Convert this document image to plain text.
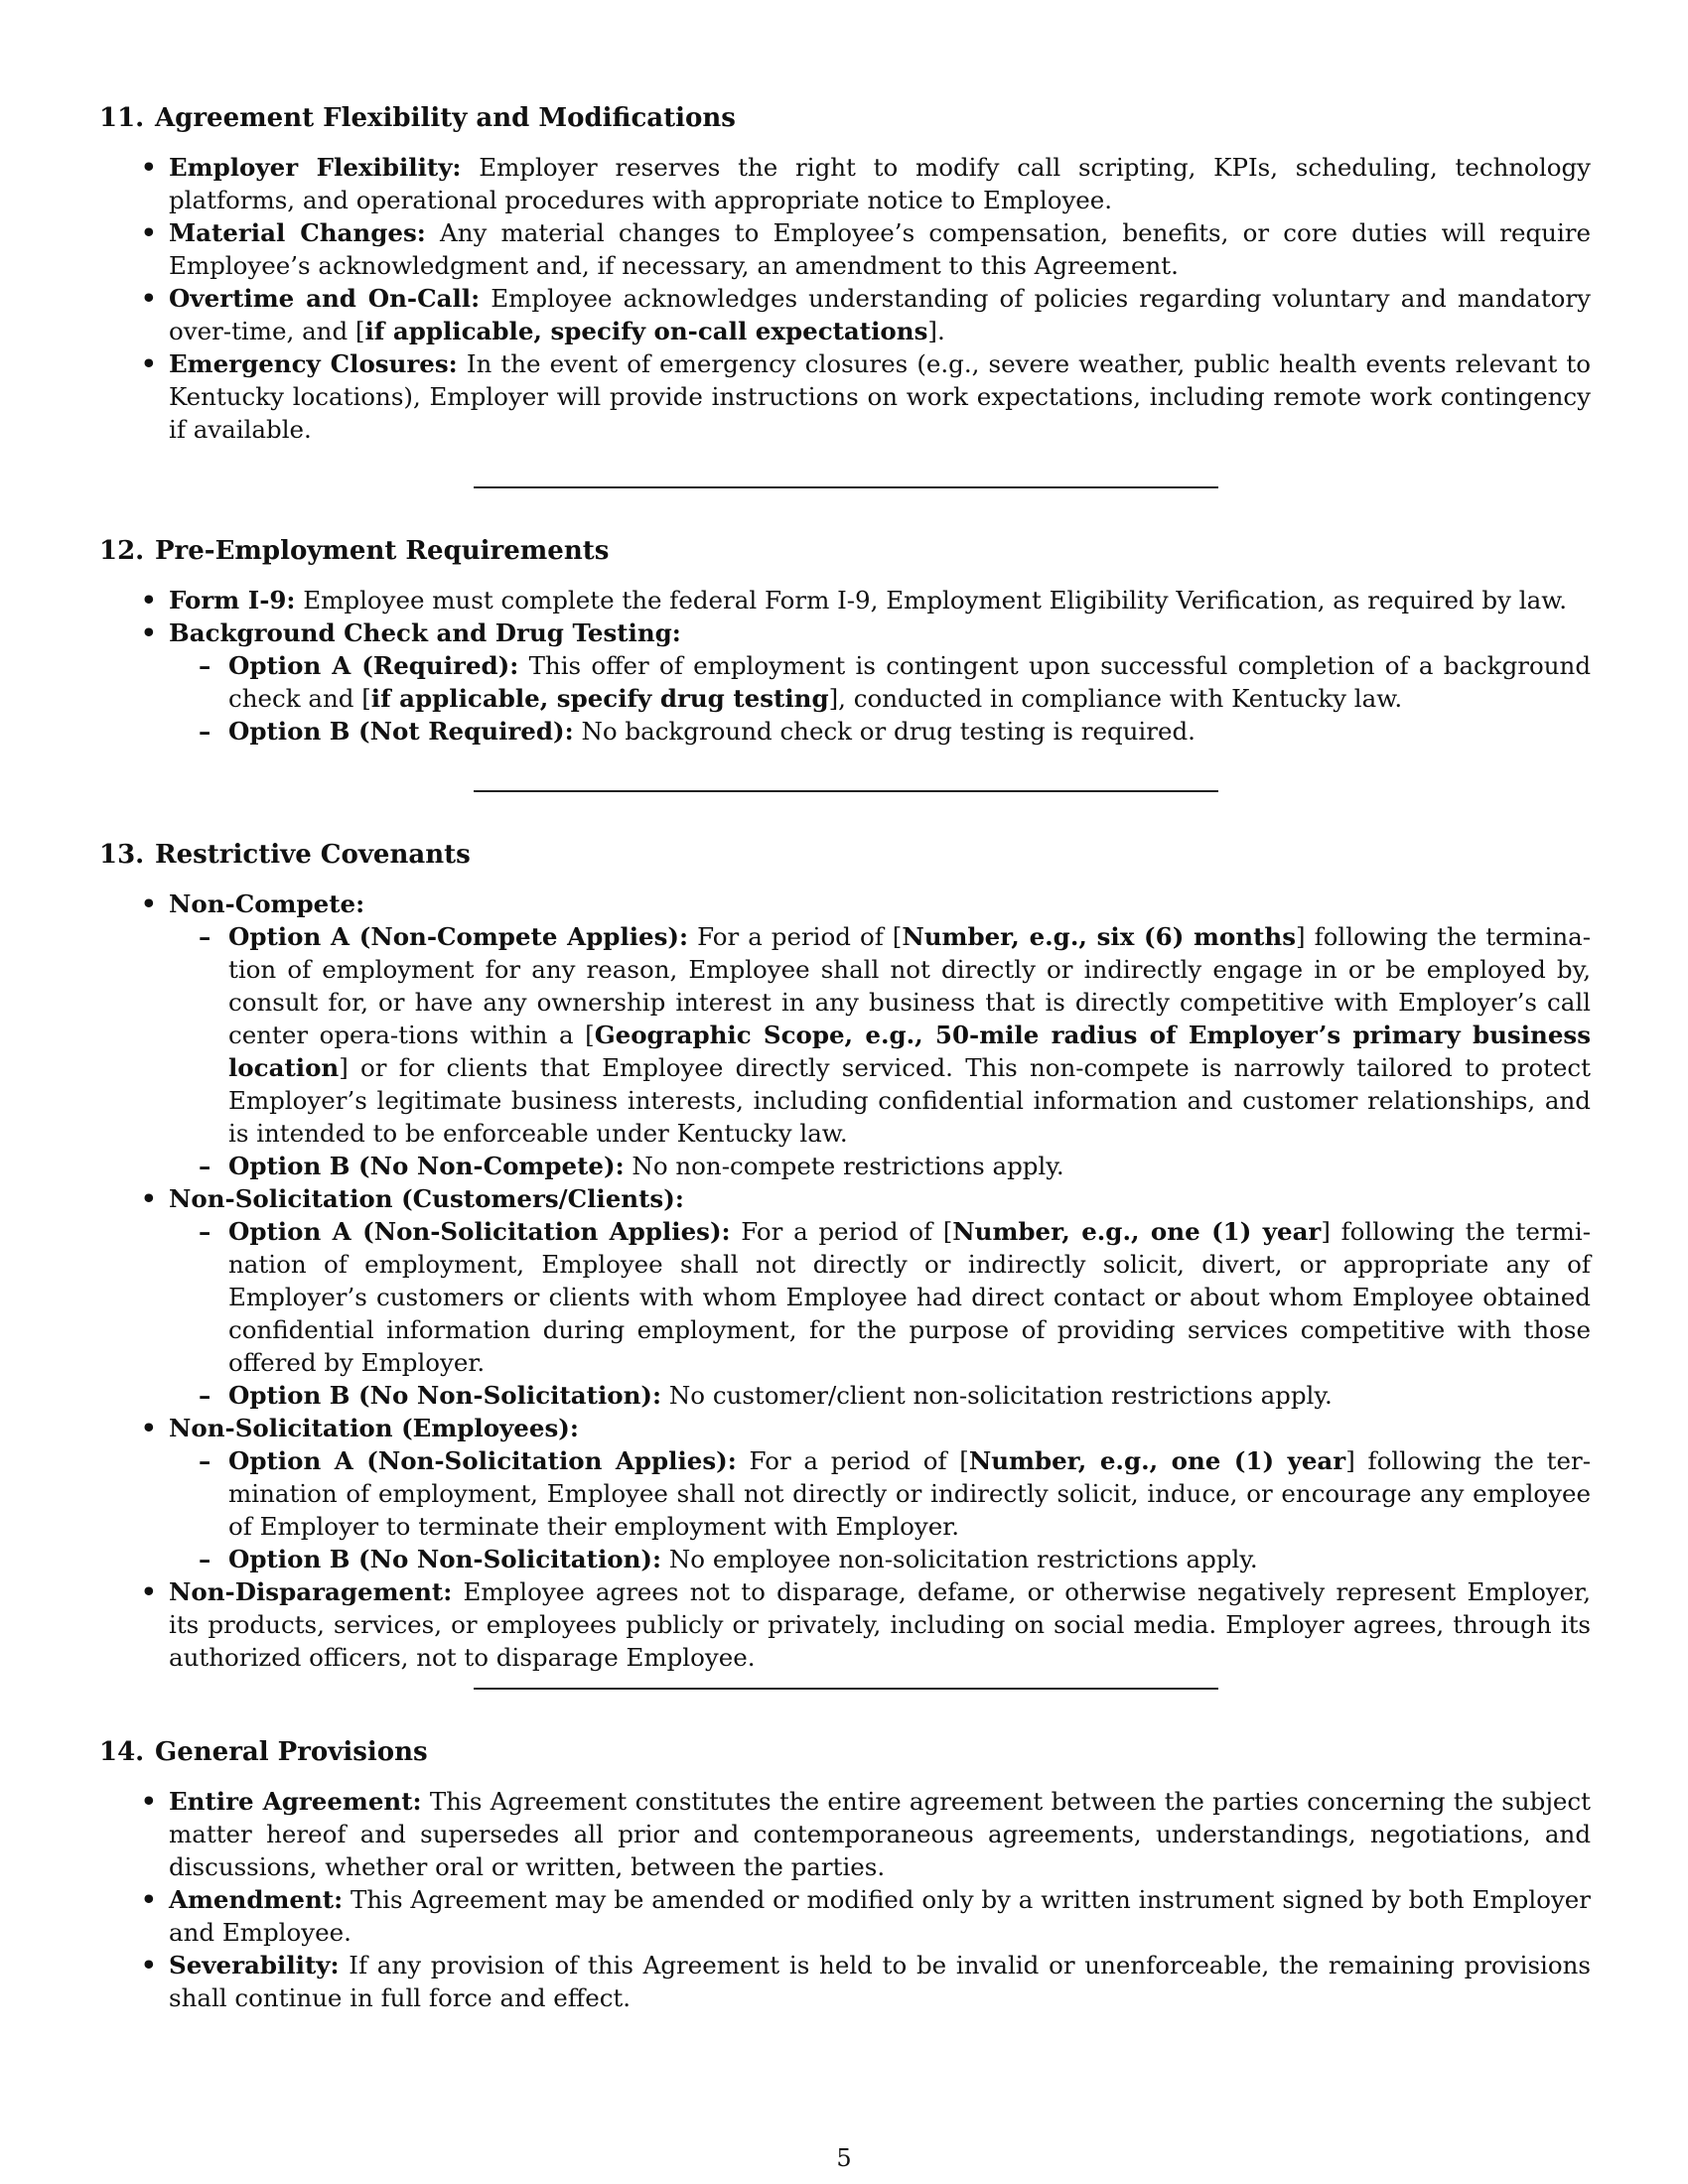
11. Agreement Flexibility and Modifications
• Employer Flexibility: Employer reserves the right to modify call scripting, KPIs, scheduling, technology platforms, and operational procedures with appropriate notice to Employee.
• Material Changes: Any material changes to Employee’s compensation, benefits, or core duties will require Employee’s acknowledgment and, if necessary, an amendment to this Agreement.
• Overtime and On-Call: Employee acknowledges understanding of policies regarding voluntary and mandatory over-time, and [if applicable, specify on-call expectations].
• Emergency Closures: In the event of emergency closures (e.g., severe weather, public health events relevant to Kentucky locations), Employer will provide instructions on work expectations, including remote work contingency if available.
12. Pre-Employment Requirements
• Form I-9: Employee must complete the federal Form I-9, Employment Eligibility Verification, as required by law.
• Background Check and Drug Testing:
– Option A (Required): This offer of employment is contingent upon successful completion of a background check and [if applicable, specify drug testing], conducted in compliance with Kentucky law.
– Option B (Not Required): No background check or drug testing is required.
13. Restrictive Covenants
• Non-Compete:
– Option A (Non-Compete Applies): For a period of [Number, e.g., six (6) months] following the termina-tion of employment for any reason, Employee shall not directly or indirectly engage in or be employed by, consult for, or have any ownership interest in any business that is directly competitive with Employer’s call center opera-tions within a [Geographic Scope, e.g., 50-mile radius of Employer’s primary business location] or for clients that Employee directly serviced. This non-compete is narrowly tailored to protect Employer’s legitimate business interests, including confidential information and customer relationships, and is intended to be enforceable under Kentucky law.
– Option B (No Non-Compete): No non-compete restrictions apply.
• Non-Solicitation (Customers/Clients):
– Option A (Non-Solicitation Applies): For a period of [Number, e.g., one (1) year] following the termi-nation of employment, Employee shall not directly or indirectly solicit, divert, or appropriate any of Employer’s customers or clients with whom Employee had direct contact or about whom Employee obtained confidential information during employment, for the purpose of providing services competitive with those offered by Employer.
– Option B (No Non-Solicitation): No customer/client non-solicitation restrictions apply.
• Non-Solicitation (Employees):
– Option A (Non-Solicitation Applies): For a period of [Number, e.g., one (1) year] following the ter-mination of employment, Employee shall not directly or indirectly solicit, induce, or encourage any employee of Employer to terminate their employment with Employer.
– Option B (No Non-Solicitation): No employee non-solicitation restrictions apply.
• Non-Disparagement: Employee agrees not to disparage, defame, or otherwise negatively represent Employer, its products, services, or employees publicly or privately, including on social media. Employer agrees, through its authorized officers, not to disparage Employee.
14. General Provisions
• Entire Agreement: This Agreement constitutes the entire agreement between the parties concerning the subject matter hereof and supersedes all prior and contemporaneous agreements, understandings, negotiations, and discussions, whether oral or written, between the parties.
• Amendment: This Agreement may be amended or modified only by a written instrument signed by both Employer and Employee.
• Severability: If any provision of this Agreement is held to be invalid or unenforceable, the remaining provisions shall continue in full force and effect.
5
